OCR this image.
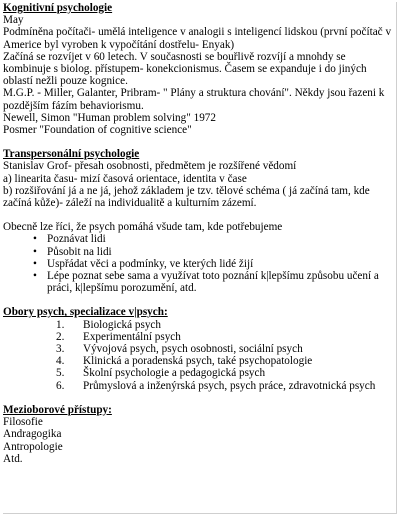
Kognitivní psychologie

May

Podmíněna počítači- umělá inteligence v analogii s inteligencí lidskou (první počítač v Americe byl vyroben k vypočítání dostřelu- Enyak)

Začíná se rozvíjet v 60 letech. V současnosti se bouřlivě rozvíjí a mnohdy se kombinuje s biolog. přístupem- konekcionismus. Časem se expanduje i do jiných oblastí nežli pouze kognice.

M.G.P. - Miller, Galanter, Pribram- " Plány a struktura chování". Někdy jsou řazeni k pozdějším fázím behaviorismu.

Newell, Simon "Human problem solving" 1972

Posmer "Foundation of cognitive science"

Transpersonální psychologie

Stanislav Grof- přesah osobnosti, předmětem je rozšířené vědomí

a) linearita času- mizí časová orientace, identita v čase

b) rozšiřování já a ne já, jehož základem je tzv. tělové schéma ( já začíná tam, kde začíná kůže)- záleží na individualitě a kulturním zázemí.

Obecně lze říci, že psych pomáhá všude tam, kde potřebujeme

• Poznávat lidi
• Působit na lidi
• Uspřádat věci a podmínky, ve kterých lidé žijí
• Lépe poznat sebe sama a využívat toto poznání k|lepšímu způsobu učení a práci, k|lepšímu porozumění, atd.

Obory psych, specializace v|psych:

Biologická psych
Experimentální psych
Vývojová psych, psych osobnosti, sociální psych
Klinická a poradenská psych, také psychopatologie
Školní psychologie a pedagogická psych
Průmyslová a inženýrská psych, psych práce, zdravotnická psych

Mezioborové přístupy:

Filosofie

Andragogika

Antropologie

Atd.
